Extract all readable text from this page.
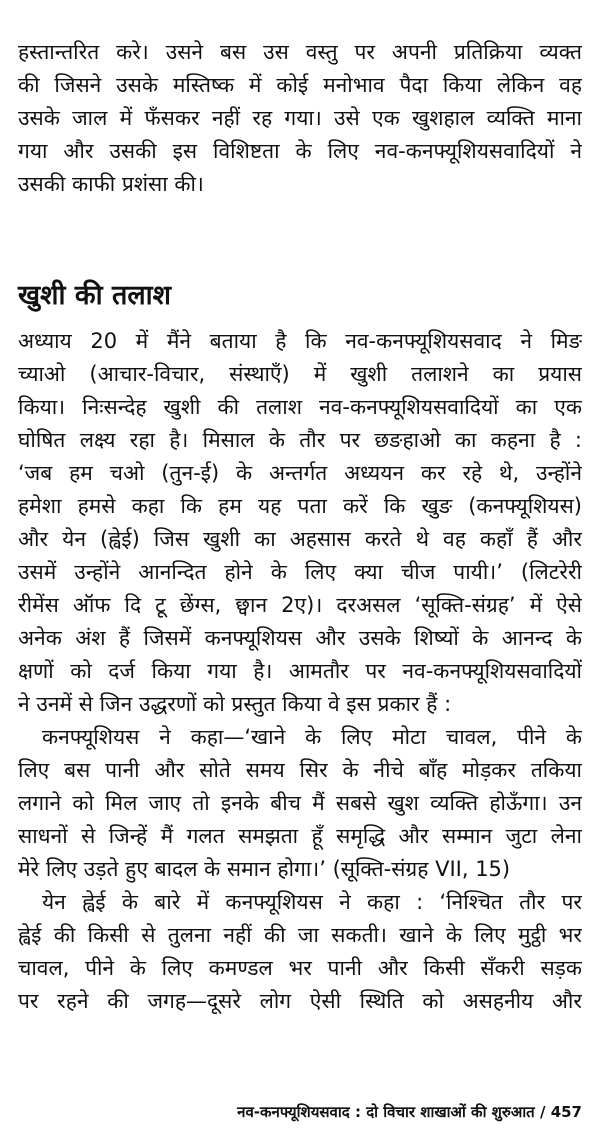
हस्तान्तरित करे। उसने बस उस वस्तु पर अपनी प्रतिक्रिया व्यक्त
की जिसने उसके मस्तिष्क में कोई मनोभाव पैदा किया लेकिन वह
उसके जाल में फँसकर नहीं रह गया। उसे एक खुशहाल व्यक्ति माना
गया और उसकी इस विशिष्टता के लिए नव-कनफ्यूशियसवादियों ने
उसकी काफी प्रशंसा की।
खुशी की तलाश
अध्याय 20 में मैंने बताया है कि नव-कनफ्यूशियसवाद ने मिङ
च्याओ (आचार-विचार, संस्थाएँ) में खुशी तलाशने का प्रयास
किया। निःसन्देह खुशी की तलाश नव-कनफ्यूशियसवादियों का एक
घोषित लक्ष्य रहा है। मिसाल के तौर पर छङहाओ का कहना है :
‘जब हम चओ (तुन-ई) के अन्तर्गत अध्ययन कर रहे थे, उन्होंने
हमेशा हमसे कहा कि हम यह पता करें कि खुङ (कनफ्यूशियस)
और येन (ह्वेई) जिस खुशी का अहसास करते थे वह कहाँ हैं और
उसमें उन्होंने आनन्दित होने के लिए क्या चीज पायी।’ (लिटरेरी
रीमेंस ऑफ दि टू छेंग्स, छ्वान 2ए)। दरअसल ‘सूक्ति-संग्रह’ में ऐसे
अनेक अंश हैं जिसमें कनफ्यूशियस और उसके शिष्यों के आनन्द के
क्षणों को दर्ज किया गया है। आमतौर पर नव-कनफ्यूशियसवादियों
ने उनमें से जिन उद्धरणों को प्रस्तुत किया वे इस प्रकार हैं :
कनफ्यूशियस ने कहा—‘खाने के लिए मोटा चावल, पीने के
लिए बस पानी और सोते समय सिर के नीचे बाँह मोड़कर तकिया
लगाने को मिल जाए तो इनके बीच मैं सबसे खुश व्यक्ति होऊँगा। उन
साधनों से जिन्हें मैं गलत समझता हूँ समृद्धि और सम्मान जुटा लेना
मेरे लिए उड़ते हुए बादल के समान होगा।’ (सूक्ति-संग्रह VII, 15)
येन ह्वेई के बारे में कनफ्यूशियस ने कहा : ‘निश्चित तौर पर
ह्वेई की किसी से तुलना नहीं की जा सकती। खाने के लिए मुट्ठी भर
चावल, पीने के लिए कमण्डल भर पानी और किसी सँकरी सड़क
पर रहने की जगह—दूसरे लोग ऐसी स्थिति को असहनीय और
नव-कनफ्यूशियसवाद : दो विचार शाखाओं की शुरुआत / 457
